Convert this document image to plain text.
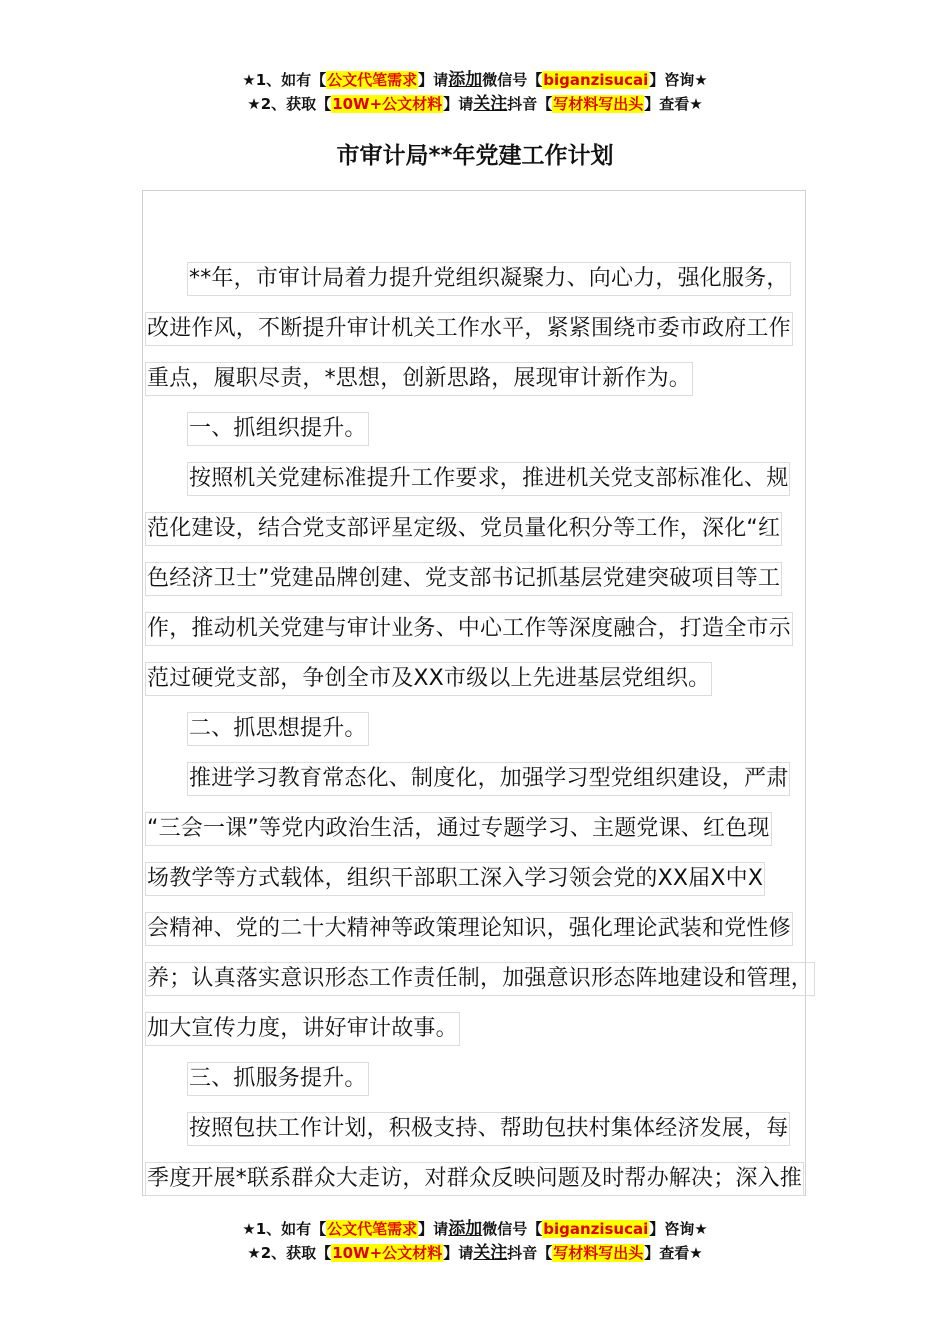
★1、如有【公文代笔需求】请添加微信号【biganzisucai】咨询★
★2、获取【10W+公文材料】请关注抖音【写材料写出头】查看★
市审计局**年党建工作计划
**年，市审计局着力提升党组织凝聚力、向心力，强化服务，
改进作风，不断提升审计机关工作水平，紧紧围绕市委市政府工作
重点，履职尽责，*思想，创新思路，展现审计新作为。
一、抓组织提升。
按照机关党建标准提升工作要求，推进机关党支部标准化、规
范化建设，结合党支部评星定级、党员量化积分等工作，深化“红
色经济卫士”党建品牌创建、党支部书记抓基层党建突破项目等工
作，推动机关党建与审计业务、中心工作等深度融合，打造全市示
范过硬党支部，争创全市及XX市级以上先进基层党组织。
二、抓思想提升。
推进学习教育常态化、制度化，加强学习型党组织建设，严肃
“三会一课”等党内政治生活，通过专题学习、主题党课、红色现
场教学等方式载体，组织干部职工深入学习领会党的XX届X中X
会精神、党的二十大精神等政策理论知识，强化理论武装和党性修
养；认真落实意识形态工作责任制，加强意识形态阵地建设和管理，
加大宣传力度，讲好审计故事。
三、抓服务提升。
按照包扶工作计划，积极支持、帮助包扶村集体经济发展，每
季度开展*联系群众大走访，对群众反映问题及时帮办解决；深入推
★1、如有【公文代笔需求】请添加微信号【biganzisucai】咨询★
★2、获取【10W+公文材料】请关注抖音【写材料写出头】查看★
